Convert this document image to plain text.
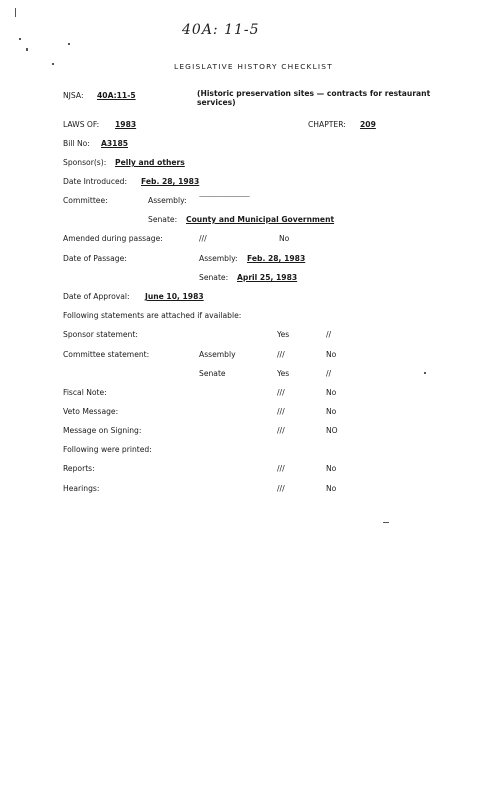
40A: 11-5
LEGISLATIVE HISTORY CHECKLIST
NJSA: 40A:11-5	(Historic preservation sites — contracts for restaurant services)
LAWS OF: 1983	CHAPTER: 209
Bill No: A3185
Sponsor(s): Pelly and others
Date Introduced: Feb. 28, 1983
Committee:	Assembly: ——————————
Senate: County and Municipal Government
Amended during passage:	///	No
Date of Passage:	Assembly: Feb. 28, 1983
Senate: April 25, 1983
Date of Approval: June 10, 1983
Following statements are attached if available:
Sponsor statement:	Yes	//
Committee statement:	Assembly	///	No
Senate	Yes	//
Fiscal Note:	///	No
Veto Message:	///	No
Message on Signing:	///	NO
Following were printed:
Reports:	///	No
Hearings:	///	No
